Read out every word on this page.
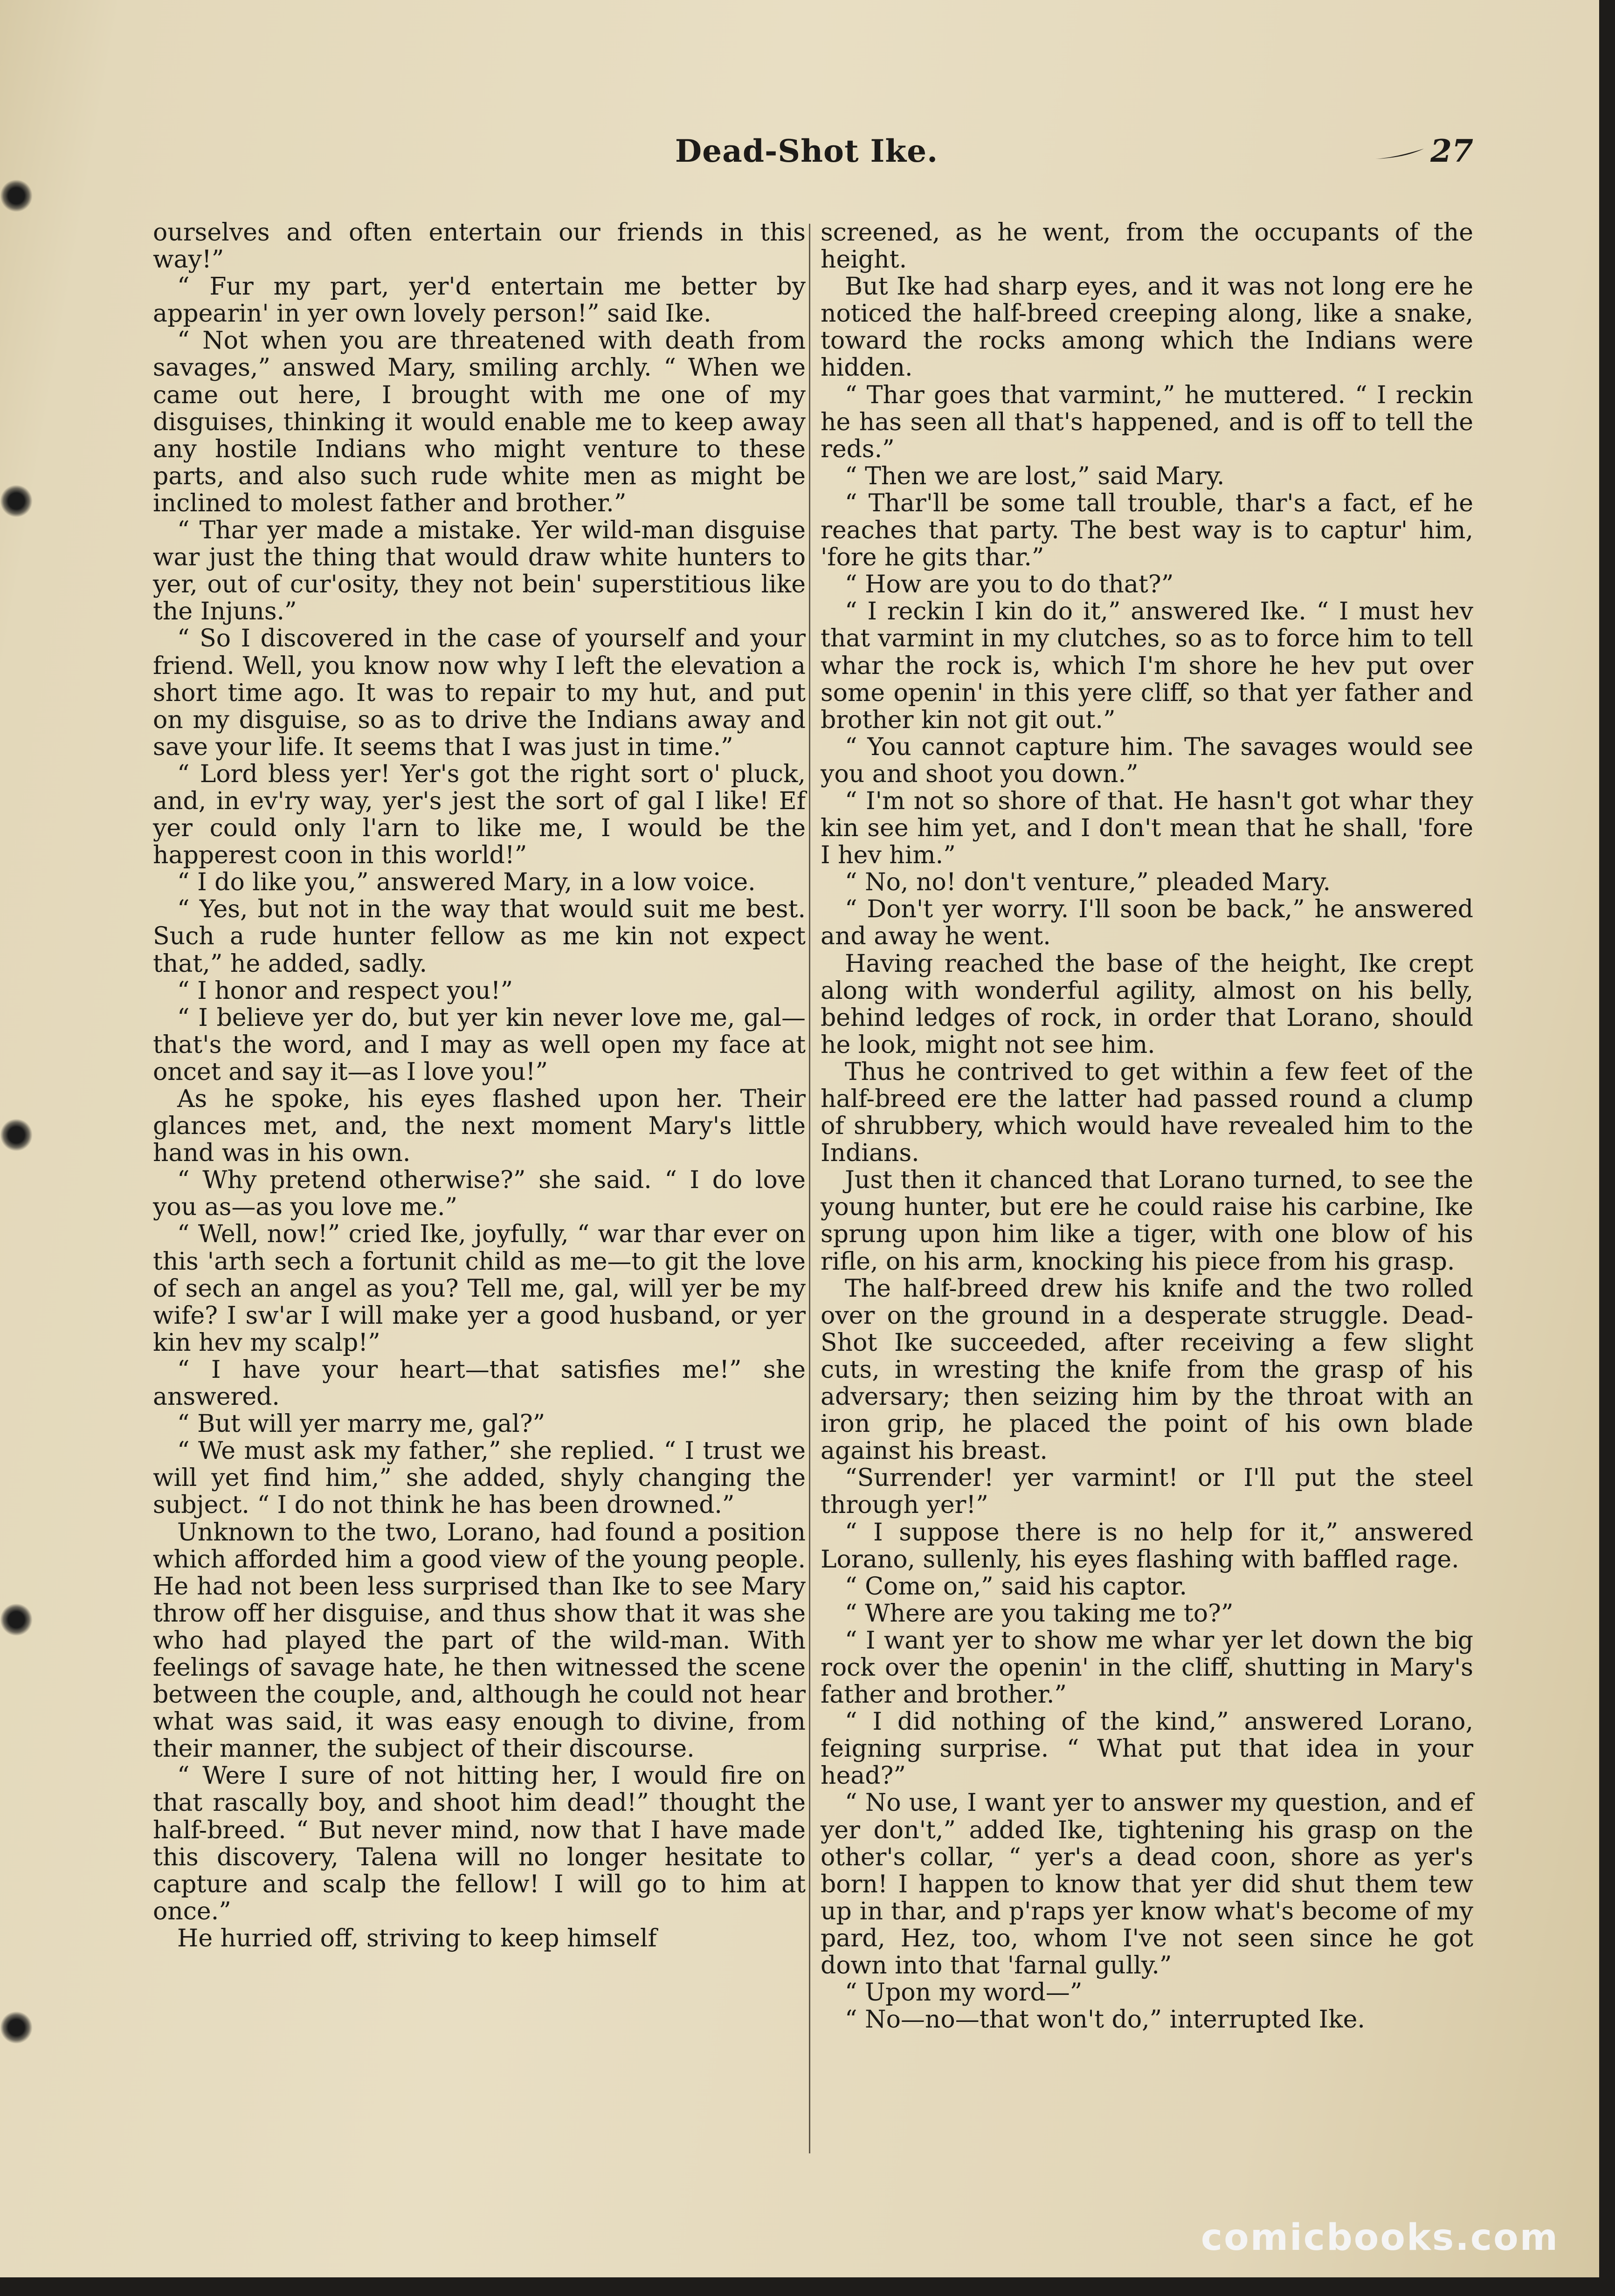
Dead-Shot Ike.	27

ourselves and often entertain our friends in this way!”

“ Fur my part, yer'd entertain me better by appearin' in yer own lovely person!” said Ike.

“ Not when you are threatened with death from savages,” answed Mary, smiling archly. “ When we came out here, I brought with me one of my disguises, thinking it would enable me to keep away any hostile Indians who might venture to these parts, and also such rude white men as might be inclined to molest father and brother.”

“ Thar yer made a mistake. Yer wild-man disguise war just the thing that would draw white hunters to yer, out of cur'osity, they not bein' superstitious like the Injuns.”

“ So I discovered in the case of yourself and your friend. Well, you know now why I left the elevation a short time ago. It was to repair to my hut, and put on my disguise, so as to drive the Indians away and save your life. It seems that I was just in time.”

“ Lord bless yer! Yer's got the right sort o' pluck, and, in ev'ry way, yer's jest the sort of gal I like! Ef yer could only l'arn to like me, I would be the happerest coon in this world!”

“ I do like you,” answered Mary, in a low voice.

“ Yes, but not in the way that would suit me best. Such a rude hunter fellow as me kin not expect that,” he added, sadly.

“ I honor and respect you!”

“ I believe yer do, but yer kin never love me, gal—that's the word, and I may as well open my face at oncet and say it—as I love you!”

As he spoke, his eyes flashed upon her. Their glances met, and, the next moment Mary's little hand was in his own.

“ Why pretend otherwise?” she said. “ I do love you as—as you love me.”

“ Well, now!” cried Ike, joyfully, “ war thar ever on this 'arth sech a fortunit child as me—to git the love of sech an angel as you? Tell me, gal, will yer be my wife? I sw'ar I will make yer a good husband, or yer kin hev my scalp!”

“ I have your heart—that satisfies me!” she answered.

“ But will yer marry me, gal?”

“ We must ask my father,” she replied. “ I trust we will yet find him,” she added, shyly changing the subject. “ I do not think he has been drowned.”

Unknown to the two, Lorano, had found a position which afforded him a good view of the young people. He had not been less surprised than Ike to see Mary throw off her disguise, and thus show that it was she who had played the part of the wild-man. With feelings of savage hate, he then witnessed the scene between the couple, and, although he could not hear what was said, it was easy enough to divine, from their manner, the subject of their discourse.

“ Were I sure of not hitting her, I would fire on that rascally boy, and shoot him dead!” thought the half-breed. “ But never mind, now that I have made this discovery, Talena will no longer hesitate to capture and scalp the fellow! I will go to him at once.”

He hurried off, striving to keep himself

screened, as he went, from the occupants of the height.

But Ike had sharp eyes, and it was not long ere he noticed the half-breed creeping along, like a snake, toward the rocks among which the Indians were hidden.

“ Thar goes that varmint,” he muttered. “ I reckin he has seen all that's happened, and is off to tell the reds.”

“ Then we are lost,” said Mary.

“ Thar'll be some tall trouble, thar's a fact, ef he reaches that party. The best way is to captur' him, 'fore he gits thar.”

“ How are you to do that?”

“ I reckin I kin do it,” answered Ike. “ I must hev that varmint in my clutches, so as to force him to tell whar the rock is, which I'm shore he hev put over some openin' in this yere cliff, so that yer father and brother kin not git out.”

“ You cannot capture him. The savages would see you and shoot you down.”

“ I'm not so shore of that. He hasn't got whar they kin see him yet, and I don't mean that he shall, 'fore I hev him.”

“ No, no! don't venture,” pleaded Mary.

“ Don't yer worry. I'll soon be back,” he answered and away he went.

Having reached the base of the height, Ike crept along with wonderful agility, almost on his belly, behind ledges of rock, in order that Lorano, should he look, might not see him.

Thus he contrived to get within a few feet of the half-breed ere the latter had passed round a clump of shrubbery, which would have revealed him to the Indians.

Just then it chanced that Lorano turned, to see the young hunter, but ere he could raise his carbine, Ike sprung upon him like a tiger, with one blow of his rifle, on his arm, knocking his piece from his grasp.

The half-breed drew his knife and the two rolled over on the ground in a desperate struggle. Dead-Shot Ike succeeded, after receiving a few slight cuts, in wresting the knife from the grasp of his adversary; then seizing him by the throat with an iron grip, he placed the point of his own blade against his breast.

“Surrender! yer varmint! or I'll put the steel through yer!”

“ I suppose there is no help for it,” answered Lorano, sullenly, his eyes flashing with baffled rage.

“ Come on,” said his captor.

“ Where are you taking me to?”

“ I want yer to show me whar yer let down the big rock over the openin' in the cliff, shutting in Mary's father and brother.”

“ I did nothing of the kind,” answered Lorano, feigning surprise. “ What put that idea in your head?”

“ No use, I want yer to answer my question, and ef yer don't,” added Ike, tightening his grasp on the other's collar, “ yer's a dead coon, shore as yer's born! I happen to know that yer did shut them tew up in thar, and p'raps yer know what's become of my pard, Hez, too, whom I've not seen since he got down into that 'farnal gully.”

“ Upon my word—”

“ No—no—that won't do,” interrupted Ike.

comicbooks.com
